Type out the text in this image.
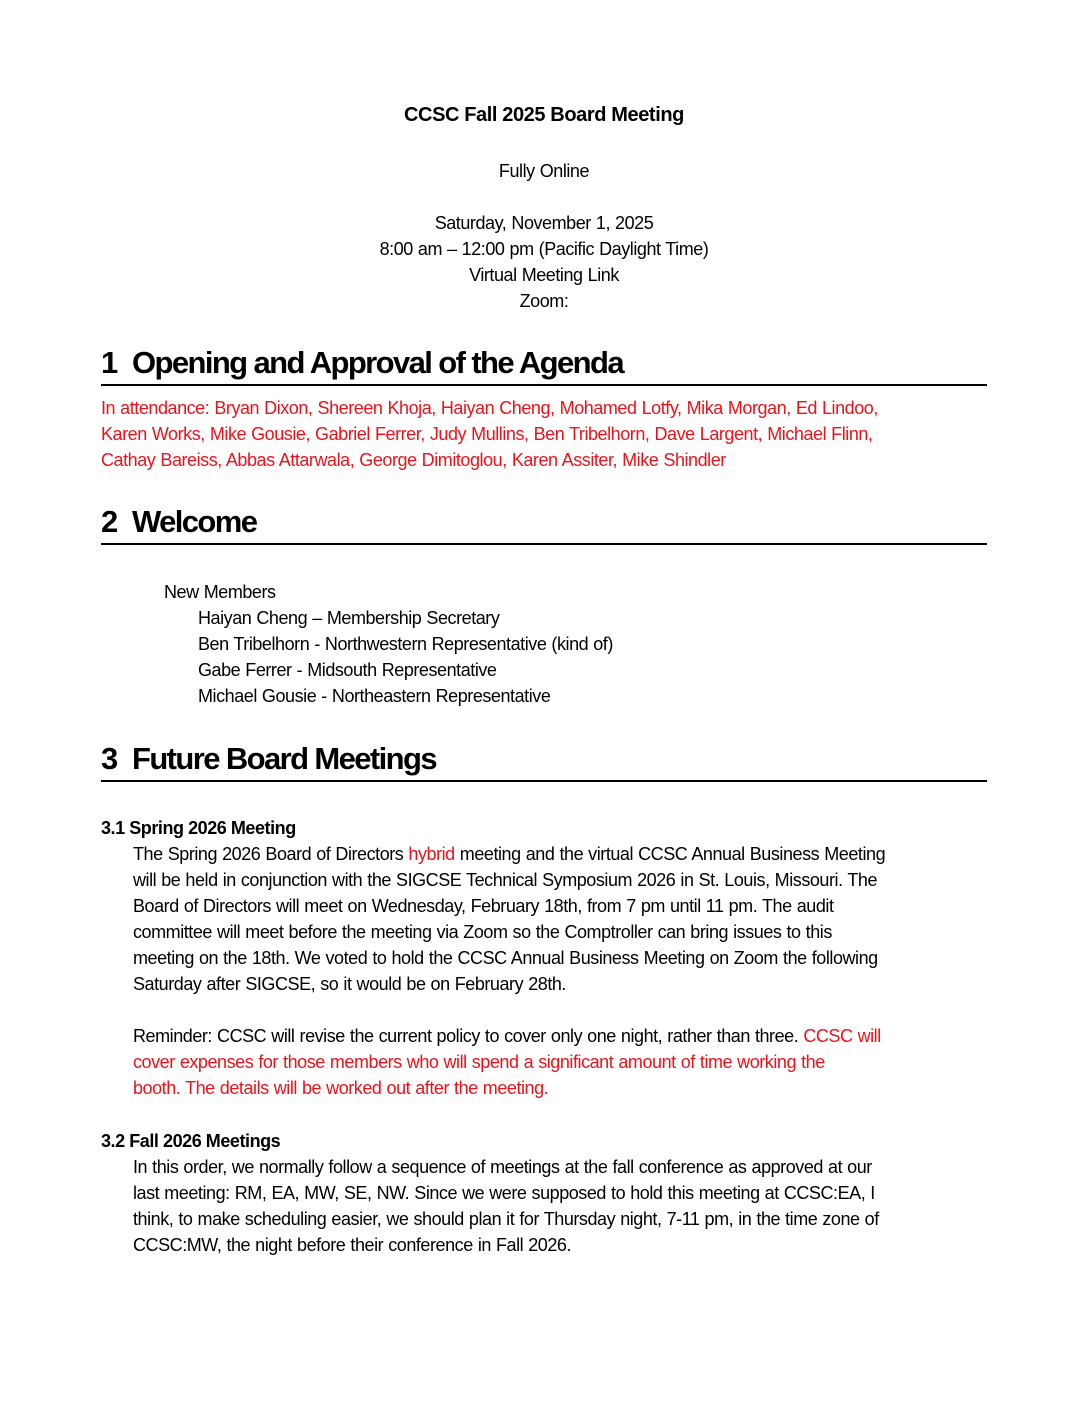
CCSC Fall 2025 Board Meeting
Fully Online
Saturday, November 1, 2025
8:00 am – 12:00 pm (Pacific Daylight Time)
Virtual Meeting Link
Zoom:
1 Opening and Approval of the Agenda
In attendance: Bryan Dixon, Shereen Khoja, Haiyan Cheng, Mohamed Lotfy, Mika Morgan, Ed Lindoo,
Karen Works, Mike Gousie, Gabriel Ferrer, Judy Mullins, Ben Tribelhorn, Dave Largent, Michael Flinn,
Cathay Bareiss, Abbas Attarwala, George Dimitoglou, Karen Assiter, Mike Shindler
2 Welcome
New Members
Haiyan Cheng – Membership Secretary
Ben Tribelhorn - Northwestern Representative (kind of)
Gabe Ferrer - Midsouth Representative
Michael Gousie - Northeastern Representative
3 Future Board Meetings
3.1 Spring 2026 Meeting
The Spring 2026 Board of Directors hybrid meeting and the virtual CCSC Annual Business Meeting
will be held in conjunction with the SIGCSE Technical Symposium 2026 in St. Louis, Missouri. The
Board of Directors will meet on Wednesday, February 18th, from 7 pm until 11 pm. The audit
committee will meet before the meeting via Zoom so the Comptroller can bring issues to this
meeting on the 18th. We voted to hold the CCSC Annual Business Meeting on Zoom the following
Saturday after SIGCSE, so it would be on February 28th.
Reminder: CCSC will revise the current policy to cover only one night, rather than three. CCSC will
cover expenses for those members who will spend a significant amount of time working the
booth. The details will be worked out after the meeting.
3.2 Fall 2026 Meetings
In this order, we normally follow a sequence of meetings at the fall conference as approved at our
last meeting: RM, EA, MW, SE, NW. Since we were supposed to hold this meeting at CCSC:EA, I
think, to make scheduling easier, we should plan it for Thursday night, 7-11 pm, in the time zone of
CCSC:MW, the night before their conference in Fall 2026.
